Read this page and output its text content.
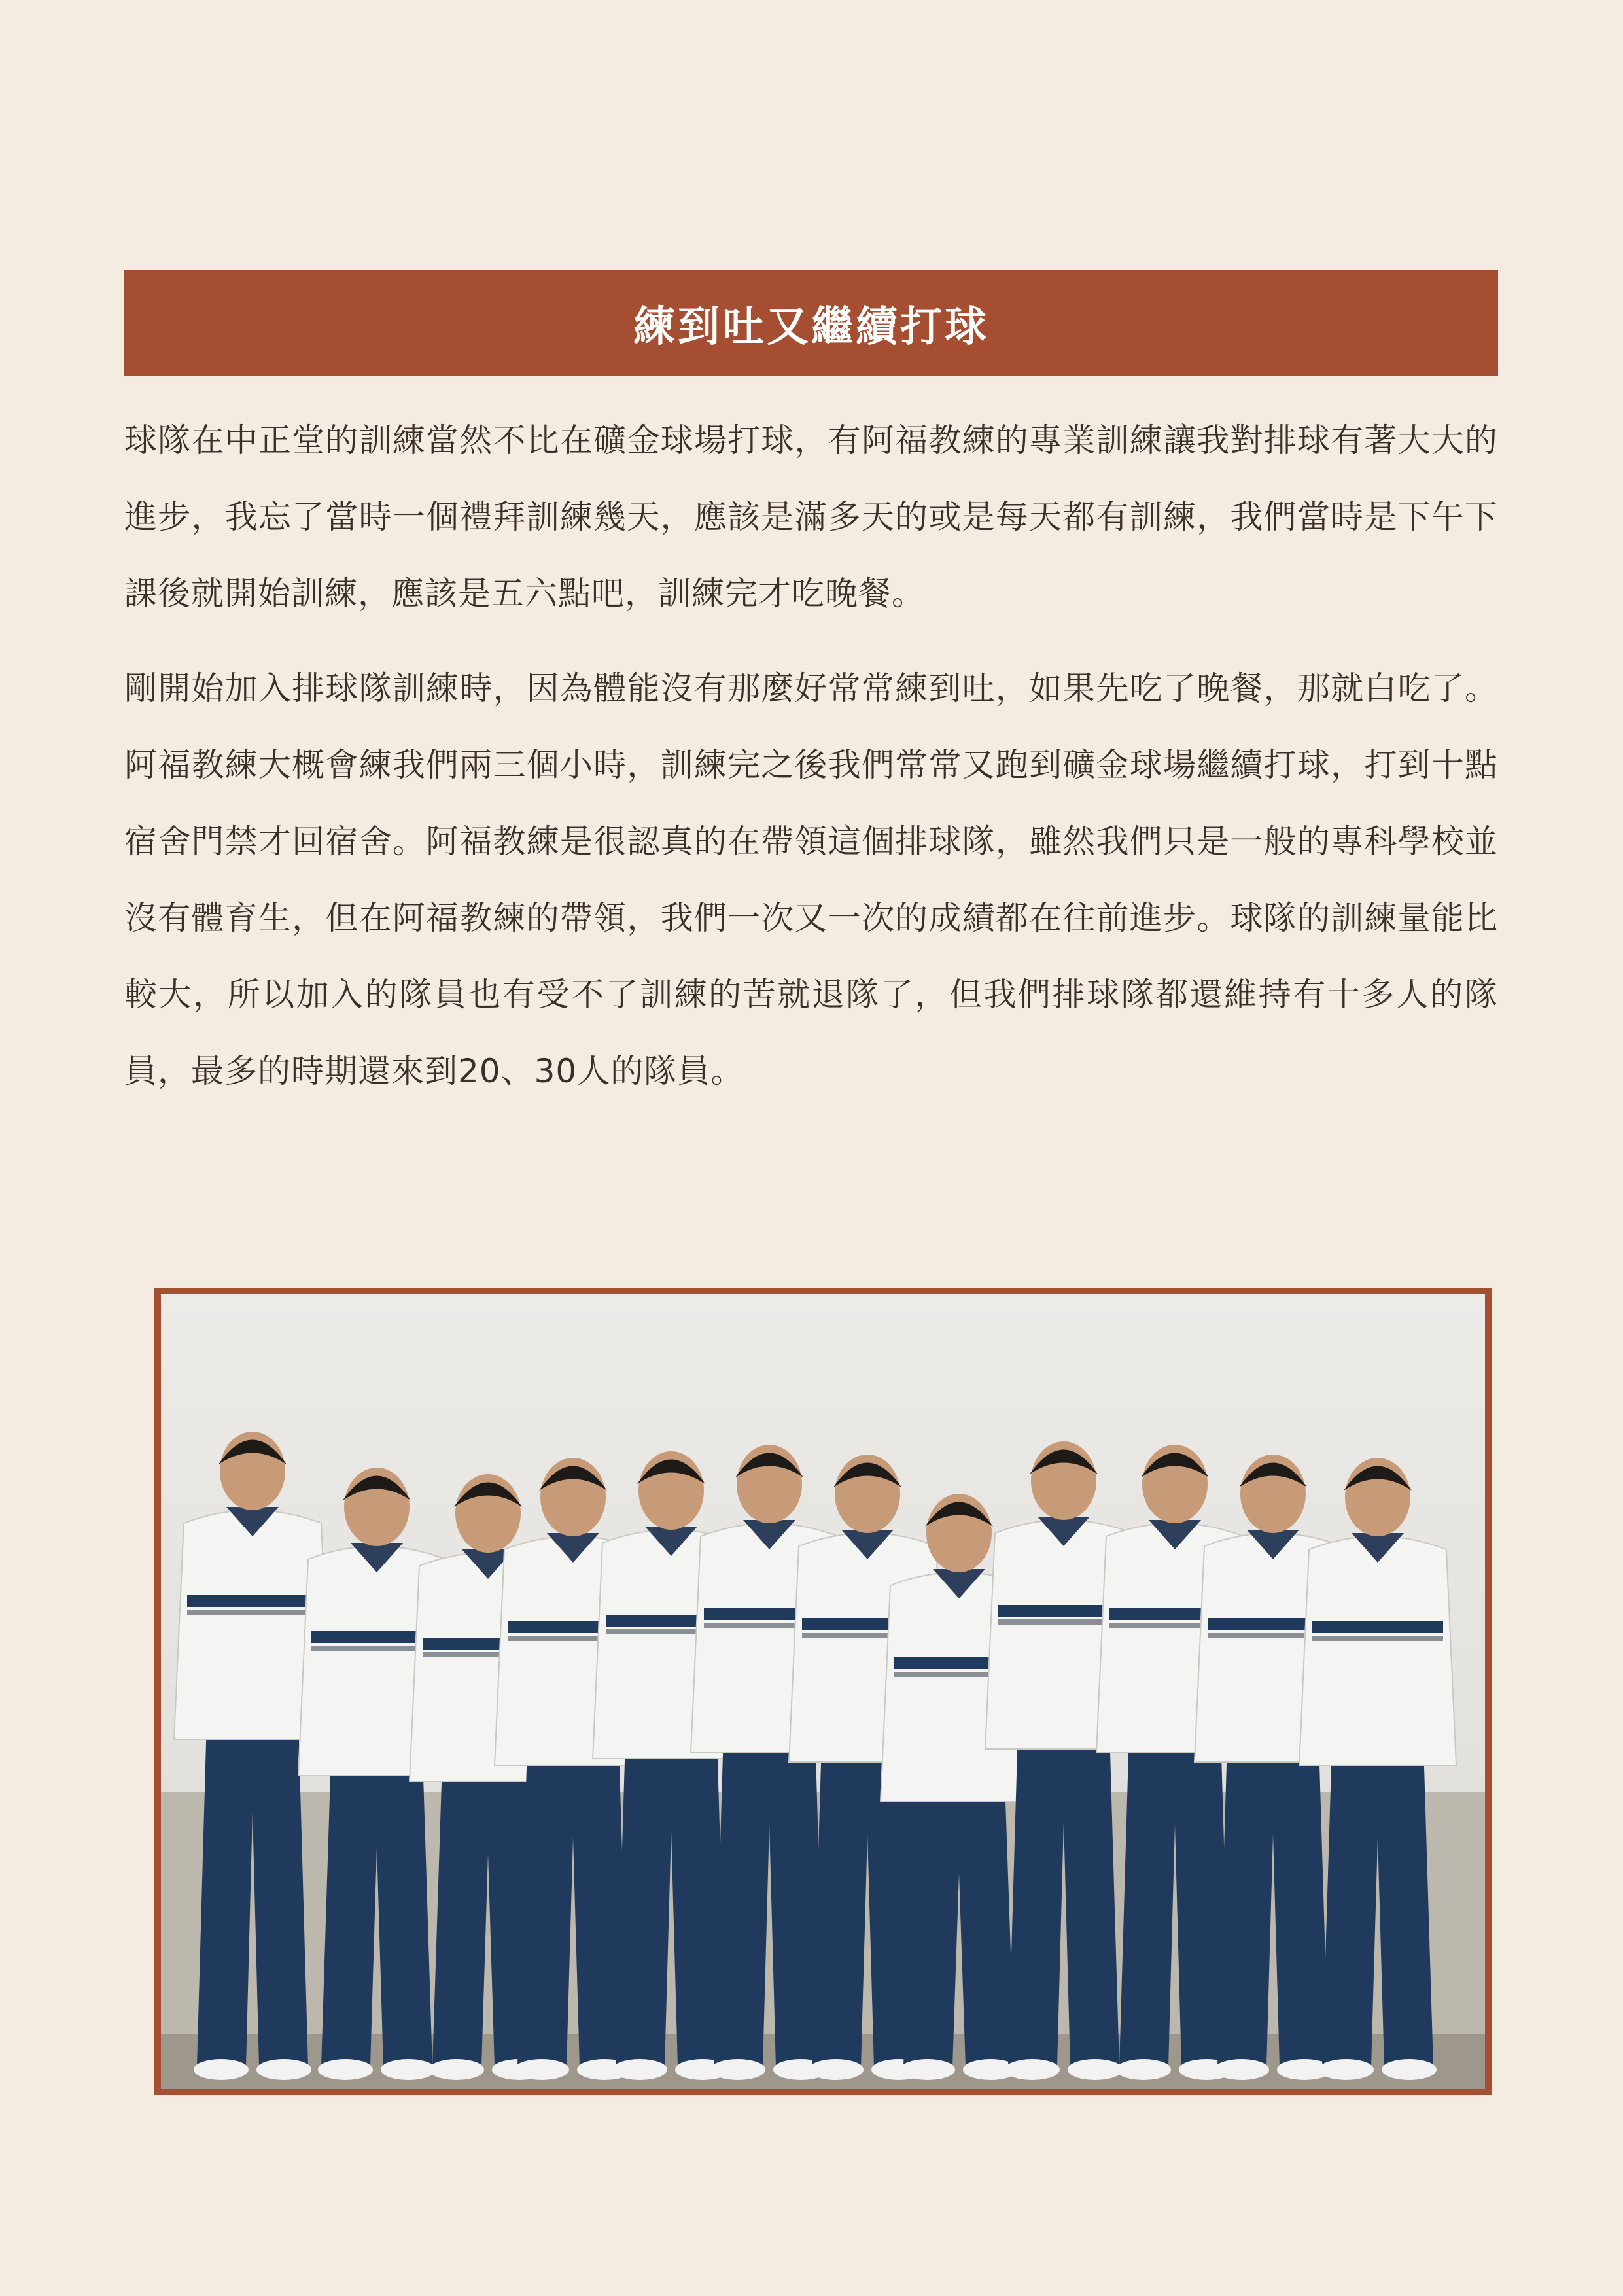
練到吐又繼續打球

球隊在中正堂的訓練當然不比在礦金球場打球，有阿福教練的專業訓練讓我對排球有著大大的進步，我忘了當時一個禮拜訓練幾天，應該是滿多天的或是每天都有訓練，我們當時是下午下課後就開始訓練，應該是五六點吧，訓練完才吃晚餐。

剛開始加入排球隊訓練時，因為體能沒有那麼好常常練到吐，如果先吃了晚餐，那就白吃了。阿福教練大概會練我們兩三個小時，訓練完之後我們常常又跑到礦金球場繼續打球，打到十點宿舍門禁才回宿舍。阿福教練是很認真的在帶領這個排球隊，雖然我們只是一般的專科學校並沒有體育生，但在阿福教練的帶領，我們一次又一次的成績都在往前進步。球隊的訓練量能比較大，所以加入的隊員也有受不了訓練的苦就退隊了，但我們排球隊都還維持有十多人的隊員，最多的時期還來到20、30人的隊員。
